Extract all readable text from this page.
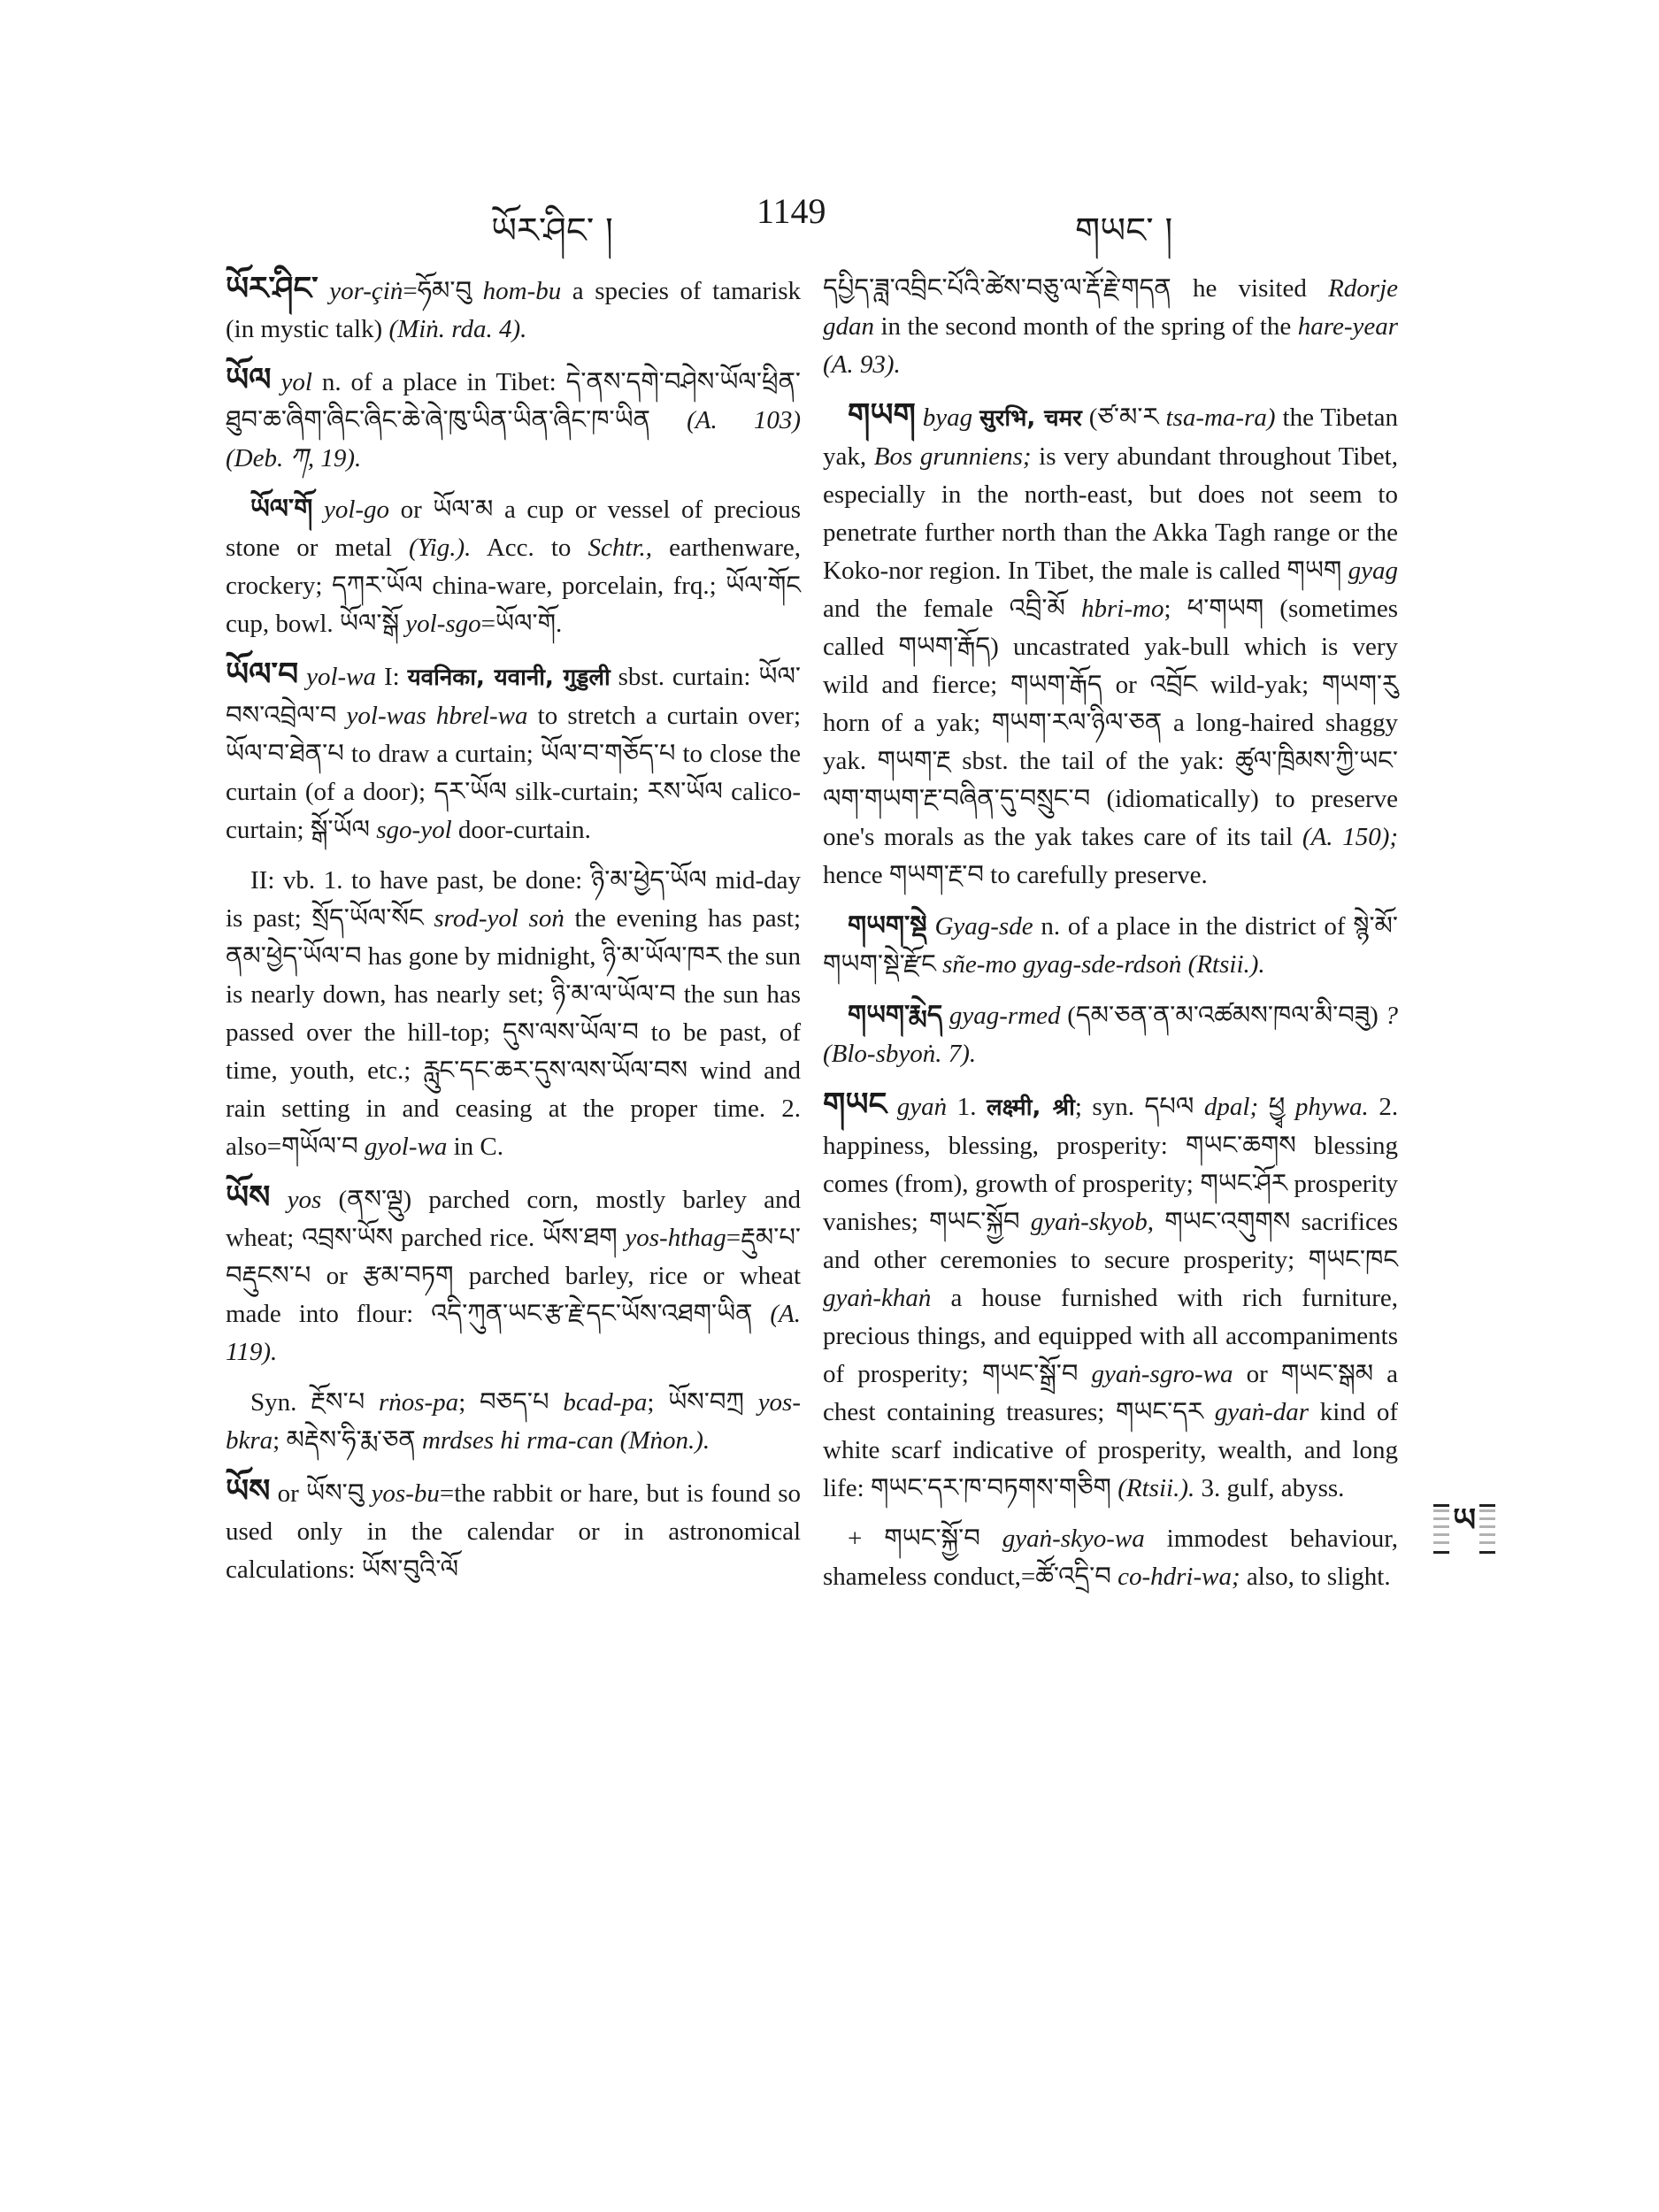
ཡོར་ཤིང་ །	1149	གཡང་ །

ཡོར་ཤིང་ yor-çiṅ=ཧོམ་བུ hom-bu a species of tamarisk (in mystic talk) (Miṅ. rda. 4).

ཡོལ yol n. of a place in Tibet: དེ་ནས་དགེ་བཤེས་ཡོལ་ཕྲིན་ཐུབ་ཆ་ཞིག་ཞིང་ཞིང་ཆེ་ཞེ་ཁུ་ཡིན་ཡིན་ཞིང་ཁ་ཡིན (A. 103) (Deb. ཀ, 19).

ཡོལ་གོ yol-go or ཡོལ་མ a cup or vessel of precious stone or metal (Yig.). Acc. to Schtr., earthenware, crockery; དཀར་ཡོལ china-ware, porcelain, frq.; ཡོལ་གོང cup, bowl. ཡོལ་སྒོ yol-sgo=ཡོལ་གོ.

ཡོལ་བ yol-wa I: यवनिका, यवानी, गुड्डली sbst. curtain: ཡོལ་བས་འབྲེལ་བ yol-was hbrel-wa to stretch a curtain over; ཡོལ་བ་ཐེན་པ to draw a curtain; ཡོལ་བ་གཅོད་པ to close the curtain (of a door); དར་ཡོལ silk-curtain; རས་ཡོལ calico-curtain; སྒོ་ཡོལ sgo-yol door-curtain.

II: vb. 1. to have past, be done: ཉི་མ་ཕྱེད་ཡོལ mid-day is past; སྲོད་ཡོལ་སོང srod-yol soṅ the evening has past; ནམ་ཕྱེད་ཡོལ་བ has gone by midnight, ཉི་མ་ཡོལ་ཁར the sun is nearly down, has nearly set; ཉི་མ་ལ་ཡོལ་བ the sun has passed over the hill-top; དུས་ལས་ཡོལ་བ to be past, of time, youth, etc.; རླུང་དང་ཆར་དུས་ལས་ཡོལ་བས wind and rain setting in and ceasing at the proper time. 2. also=གཡོལ་བ gyol-wa in C.

ཡོས yos (ནས་ལྡུ) parched corn, mostly barley and wheat; འབྲས་ཡོས parched rice. ཡོས་ཐག yos-hthag=རྡུམ་པ་བརྡུངས་པ or རྩམ་བཏག parched barley, rice or wheat made into flour: འདི་ཀུན་ཡང་རྩ་རྗེ་དང་ཡོས་འཐག་ཡིན (A. 119).

Syn. རྔོས་པ rṅos-pa; བཅད་པ bcad-pa; ཡོས་བཀྲ yos-bkra; མརྡེས་ཧི་རྨ་ཅན mrdses hi rma-can (Mṅon.).

ཡོས or ཡོས་བུ yos-bu=the rabbit or hare, but is found so used only in the calendar or in astronomical calculations: ཡོས་བུའི་ལོ

དཔྱིད་ཟླ་འབྲིང་པོའི་ཚེས་བཅུ་ལ་རྡོ་རྗེ་གདན he visited Rdorje gdan in the second month of the spring of the hare-year (A. 93).

གཡག byag सुरभि, चमर (ཙ་མ་ར tsa-ma-ra) the Tibetan yak, Bos grunniens; is very abundant throughout Tibet, especially in the north-east, but does not seem to penetrate further north than the Akka Tagh range or the Koko-nor region. In Tibet, the male is called གཡག gyag and the female འབྲི་མོ hbri-mo; ཕ་གཡག (sometimes called གཡག་རྒོད) uncastrated yak-bull which is very wild and fierce; གཡག་རྒོད or འབྲོང wild-yak; གཡག་རུ horn of a yak; གཡག་རལ་ཉིལ་ཅན a long-haired shaggy yak. གཡག་རྔ sbst. the tail of the yak: ཚུལ་ཁྲིམས་ཀྱི་ཡང་ལག་གཡག་རྔ་བཞིན་དུ་བསྲུང་བ (idiomatically) to preserve one's morals as the yak takes care of its tail (A. 150); hence གཡག་རྔ་བ to carefully preserve.

གཡག་སྡེ Gyag-sde n. of a place in the district of སྙེ་མོ་གཡག་སྡེ་རྫོང sñe-mo gyag-sde-rdsoṅ (Rtsii.).

གཡག་རྨེད gyag-rmed (དམ་ཅན་ན་མ་འཚམས་ཁལ་མི་བཟུ) ? (Blo-sbyoṅ. 7).

གཡང gyaṅ 1. लक्ष्मी, श्री; syn. དཔལ dpal; ཕྱྭ phywa. 2. happiness, blessing, prosperity: གཡང་ཆགས blessing comes (from), growth of prosperity; གཡང་ཤོར prosperity vanishes; གཡང་སྐྱོབ gyaṅ-skyob, གཡང་འགུགས sacrifices and other ceremonies to secure prosperity; གཡང་ཁང gyaṅ-khaṅ a house furnished with rich furniture, precious things, and equipped with all accompaniments of prosperity; གཡང་སྒྲོ་བ gyaṅ-sgro-wa or གཡང་སྒམ a chest containing treasures; གཡང་དར gyaṅ-dar kind of white scarf indicative of prosperity, wealth, and long life: གཡང་དར་ཁ་བཏགས་གཅིག (Rtsii.). 3. gulf, abyss.

+ གཡང་སྐྱོ་བ gyaṅ-skyo-wa immodest behaviour, shameless conduct,=ཚོ་འདྲི་བ co-hdri-wa; also, to slight.

ཡ
